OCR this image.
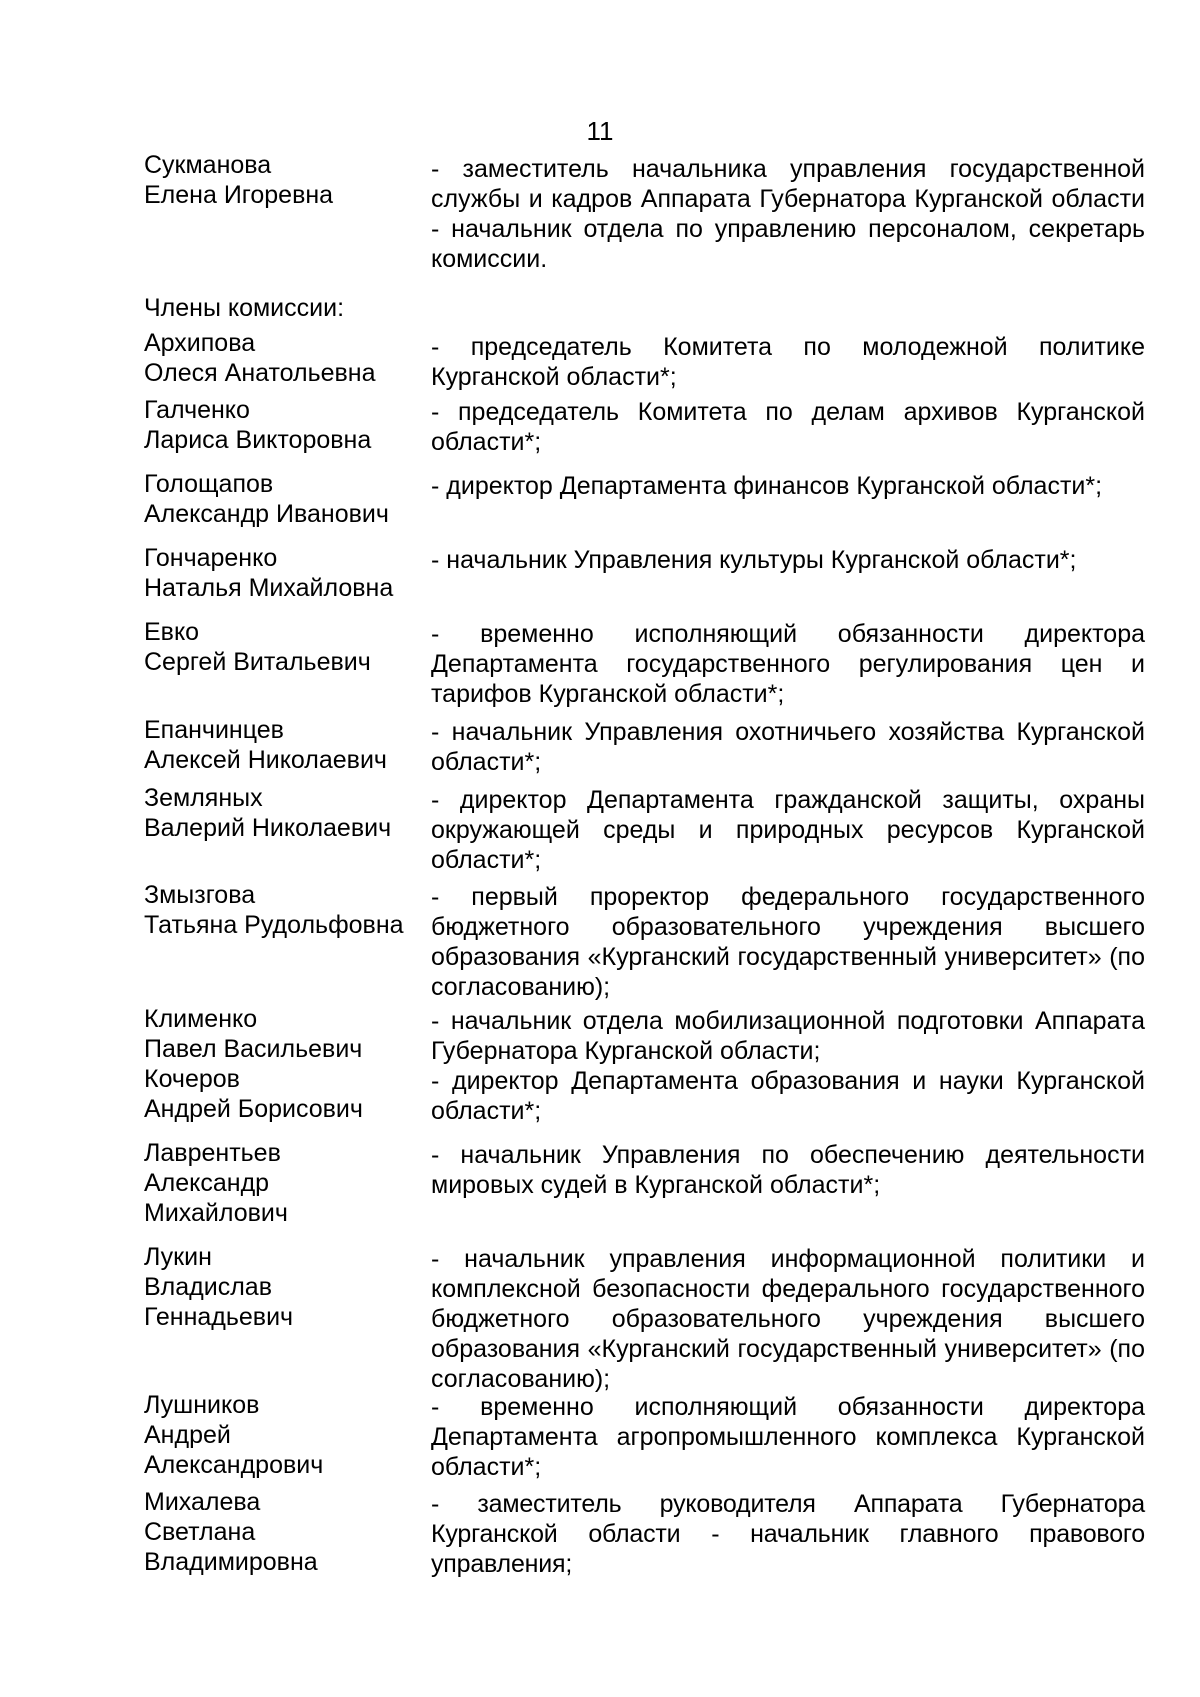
11
Сукманова
Елена Игоревна
- заместитель начальника управления государственной службы и кадров Аппарата Губернатора Курганской области - начальник отдела по управлению персоналом, секретарь комиссии.
Члены комиссии:
Архипова
Олеся Анатольевна
- председатель Комитета по молодежной политике Курганской области*;
Галченко
Лариса Викторовна
- председатель Комитета по делам архивов Курганской области*;
Голощапов
Александр Иванович
- директор Департамента финансов Курганской области*;
Гончаренко
Наталья Михайловна
- начальник Управления культуры Курганской области*;
Евко
Сергей Витальевич
- временно исполняющий обязанности директора Департамента государственного регулирования цен и тарифов Курганской области*;
Епанчинцев
Алексей Николаевич
- начальник Управления охотничьего хозяйства Курганской области*;
Земляных
Валерий Николаевич
- директор Департамента гражданской защиты, охраны окружающей среды и природных ресурсов Курганской области*;
Змызгова
Татьяна Рудольфовна
- первый проректор федерального государственного бюджетного образовательного учреждения высшего образования «Курганский государственный университет» (по согласованию);
Клименко
Павел Васильевич
- начальник отдела мобилизационной подготовки Аппарата Губернатора Курганской области;
Кочеров
Андрей Борисович
- директор Департамента образования и науки Курганской области*;
Лаврентьев
Александр
Михайлович
- начальник Управления по обеспечению деятельности мировых судей в Курганской области*;
Лукин
Владислав
Геннадьевич
- начальник управления информационной политики и комплексной безопасности федерального государственного бюджетного образовательного учреждения высшего образования «Курганский государственный университет» (по согласованию);
Лушников
Андрей
Александрович
- временно исполняющий обязанности директора Департамента агропромышленного комплекса Курганской области*;
Михалева
Светлана
Владимировна
- заместитель руководителя Аппарата Губернатора Курганской области - начальник главного правового управления;
